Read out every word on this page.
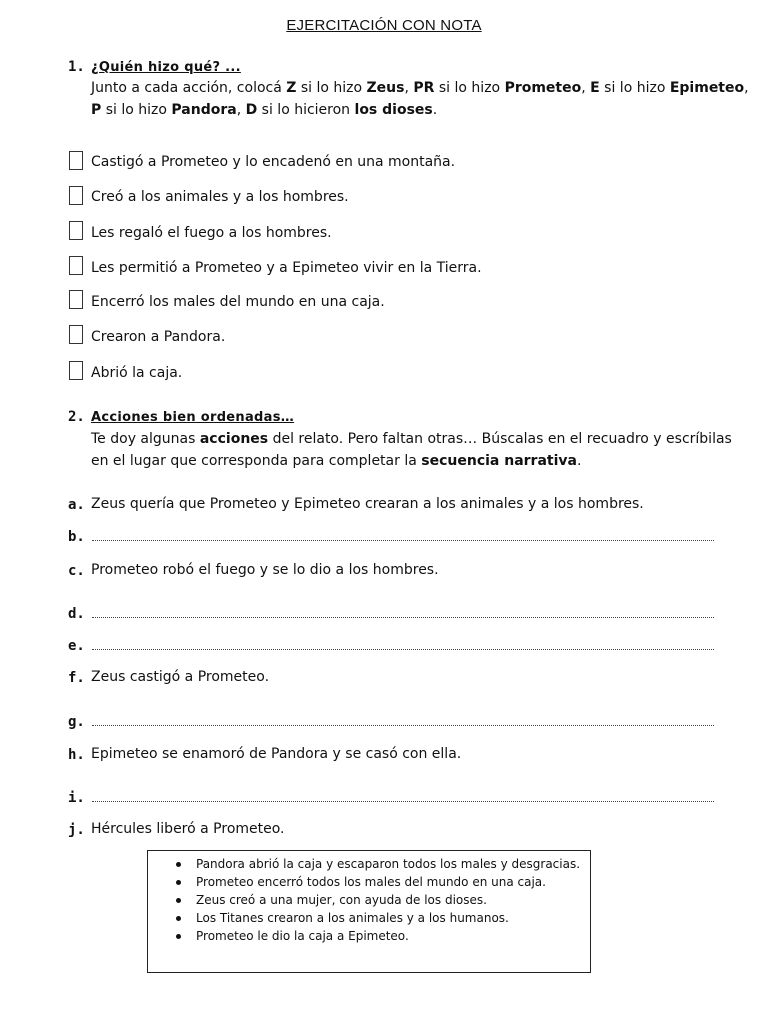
EJERCITACIÓN CON NOTA
1. ¿Quién hizo qué? ...
Junto a cada acción, colocá Z si lo hizo Zeus, PR si lo hizo Prometeo, E si lo hizo Epimeteo,
P si lo hizo Pandora, D si lo hicieron los dioses.
Castigó a Prometeo y lo encadenó en una montaña.
Creó a los animales y a los hombres.
Les regaló el fuego a los hombres.
Les permitió a Prometeo y a Epimeteo vivir en la Tierra.
Encerró los males del mundo en una caja.
Crearon a Pandora.
Abrió la caja.
2. Acciones bien ordenadas…
Te doy algunas acciones del relato. Pero faltan otras… Búscalas en el recuadro y escríbilas
en el lugar que corresponda para completar la secuencia narrativa.
a. Zeus quería que Prometeo y Epimeteo crearan a los animales y a los hombres.
b.
c. Prometeo robó el fuego y se lo dio a los hombres.
d.
e.
f. Zeus castigó a Prometeo.
g.
h. Epimeteo se enamoró de Pandora y se casó con ella.
i.
j. Hércules liberó a Prometeo.
Pandora abrió la caja y escaparon todos los males y desgracias.
Prometeo encerró todos los males del mundo en una caja.
Zeus creó a una mujer, con ayuda de los dioses.
Los Titanes crearon a los animales y a los humanos.
Prometeo le dio la caja a Epimeteo.
